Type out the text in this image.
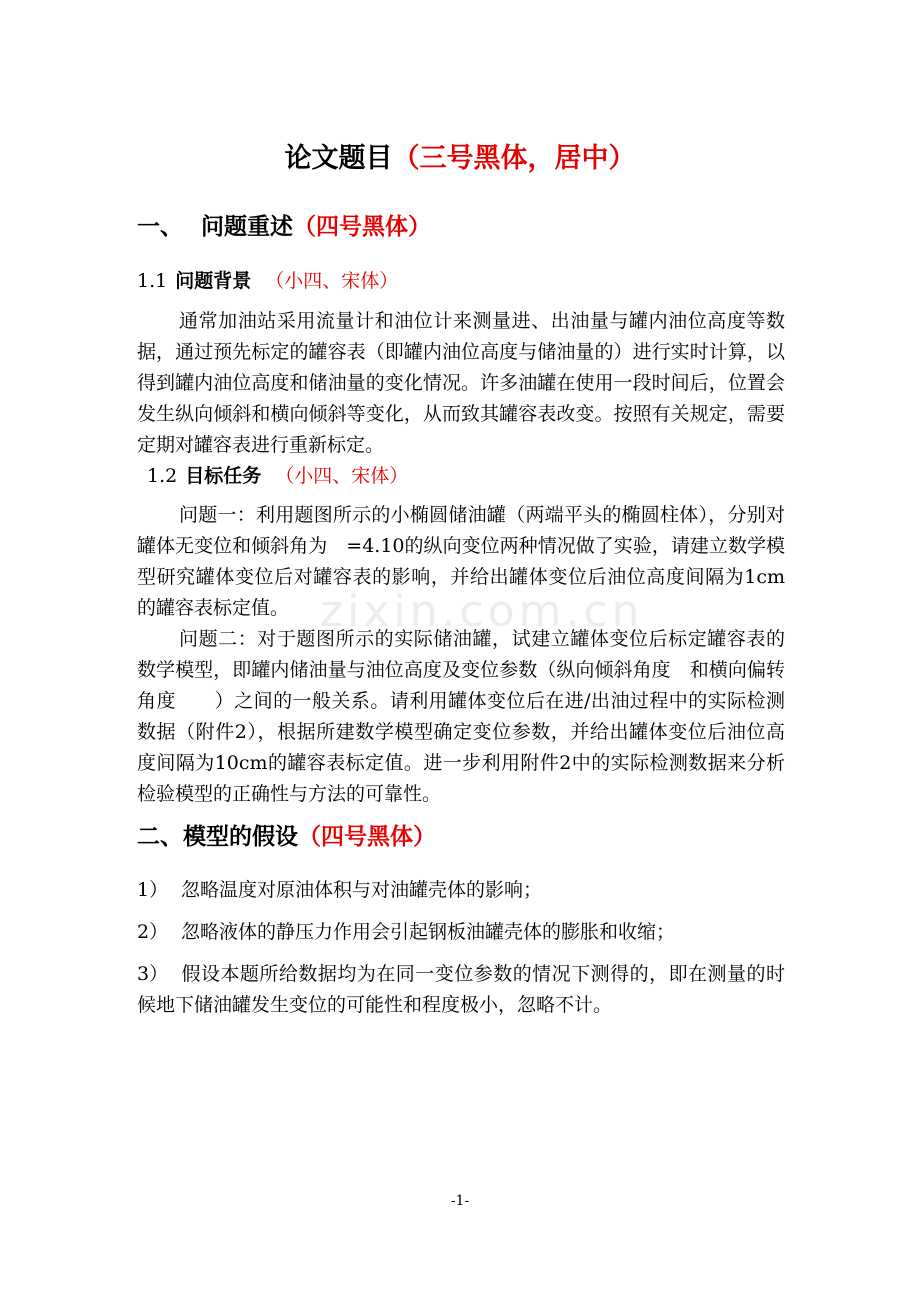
论文题目（三号黑体，居中）
一、 问题重述（四号黑体）
1.1 问题背景 （小四、宋体）

通常加油站采用流量计和油位计来测量进、出油量与罐内油位高度等数据，通过预先标定的罐容表（即罐内油位高度与储油量的）进行实时计算，以得到罐内油位高度和储油量的变化情况。许多油罐在使用一段时间后，位置会发生纵向倾斜和横向倾斜等变化，从而致其罐容表改变。按照有关规定，需要定期对罐容表进行重新标定。

1.2 目标任务 （小四、宋体）

问题一：利用题图所示的小椭圆储油罐（两端平头的椭圆柱体），分别对罐体无变位和倾斜角为　=4.10的纵向变位两种情况做了实验，请建立数学模型研究罐体变位后对罐容表的影响，并给出罐体变位后油位高度间隔为1cm的罐容表标定值。

问题二：对于题图所示的实际储油罐，试建立罐体变位后标定罐容表的数学模型，即罐内储油量与油位高度及变位参数（纵向倾斜角度　和横向偏转角度　　）之间的一般关系。请利用罐体变位后在进/出油过程中的实际检测数据（附件2），根据所建数学模型确定变位参数，并给出罐体变位后油位高度间隔为10cm的罐容表标定值。进一步利用附件2中的实际检测数据来分析检验模型的正确性与方法的可靠性。

二、模型的假设（四号黑体）

1） 忽略温度对原油体积与对油罐壳体的影响；

2） 忽略液体的静压力作用会引起钢板油罐壳体的膨胀和收缩；

3） 假设本题所给数据均为在同一变位参数的情况下测得的，即在测量的时候地下储油罐发生变位的可能性和程度极小，忽略不计。

zixin.com.cn
-1-
